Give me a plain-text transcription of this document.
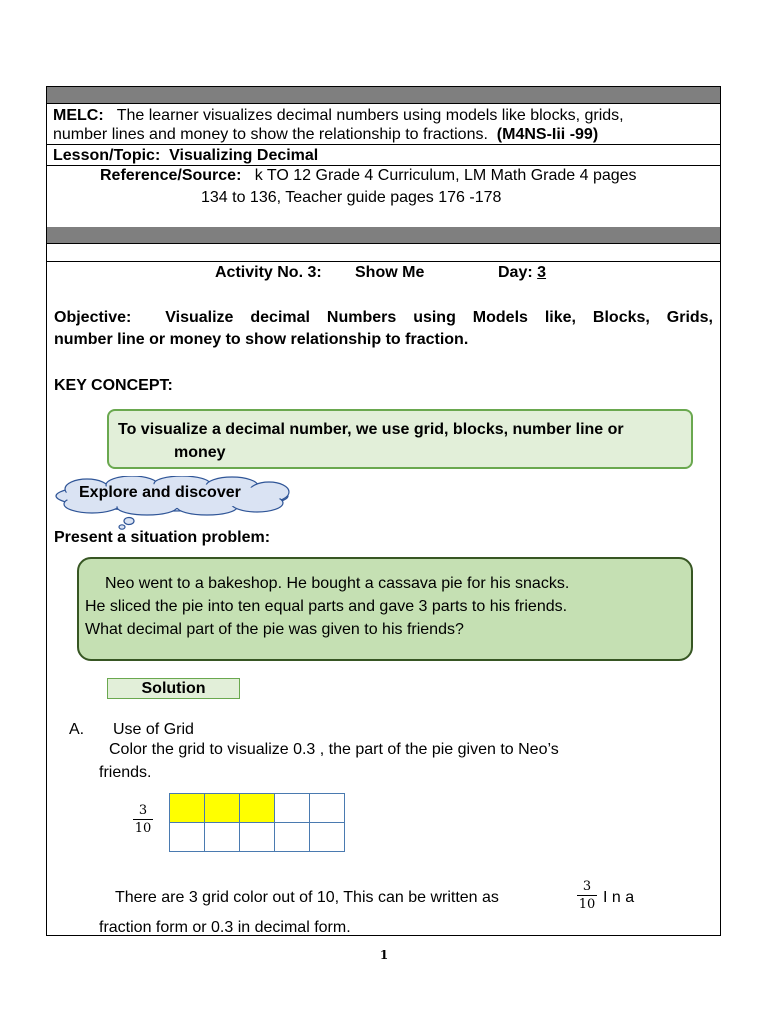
MELC: The learner visualizes decimal numbers using models like blocks, grids,
number lines and money to show the relationship to fractions. (M4NS-Iii -99)
Lesson/Topic: Visualizing Decimal
Reference/Source: k TO 12 Grade 4 Curriculum, LM Math Grade 4 pages
134 to 136, Teacher guide pages 176 -178
Activity No. 3: Show Me	Day: 3
Objective: Visualize decimal Numbers using Models like, Blocks, Grids,
number line or money to show relationship to fraction.
KEY CONCEPT:
To visualize a decimal number, we use grid, blocks, number line or
money
Explore and discover
Present a situation problem:
Neo went to a bakeshop. He bought a cassava pie for his snacks.
He sliced the pie into ten equal parts and gave 3 parts to his friends.
What decimal part of the pie was given to his friends?
Solution
A. Use of Grid
Color the grid to visualize 0.3 , the part of the pie given to Neo’s
friends.
3
10

There are 3 grid color out of 10, This can be written as
3
10 I n a
fraction form or 0.3 in decimal form.
1
